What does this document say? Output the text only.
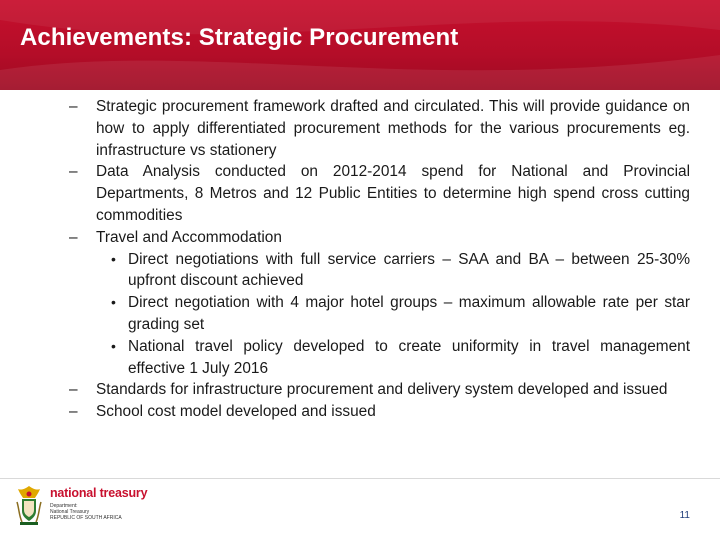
Achievements: Strategic Procurement
– Strategic procurement framework drafted and circulated. This will provide guidance on how to apply differentiated procurement methods for the various procurements eg. infrastructure vs stationery
– Data Analysis conducted on 2012-2014 spend for National and Provincial Departments, 8 Metros and 12 Public Entities to determine high spend cross cutting commodities
– Travel and Accommodation
• Direct negotiations with full service carriers – SAA and BA – between 25-30% upfront discount achieved
• Direct negotiation with 4 major hotel groups – maximum allowable rate per star grading set
• National travel policy developed to create uniformity in travel management effective 1 July 2016
– Standards for infrastructure procurement and delivery system developed and issued
– School cost model developed and issued
national treasury
Department:
National Treasury
REPUBLIC OF SOUTH AFRICA	11
